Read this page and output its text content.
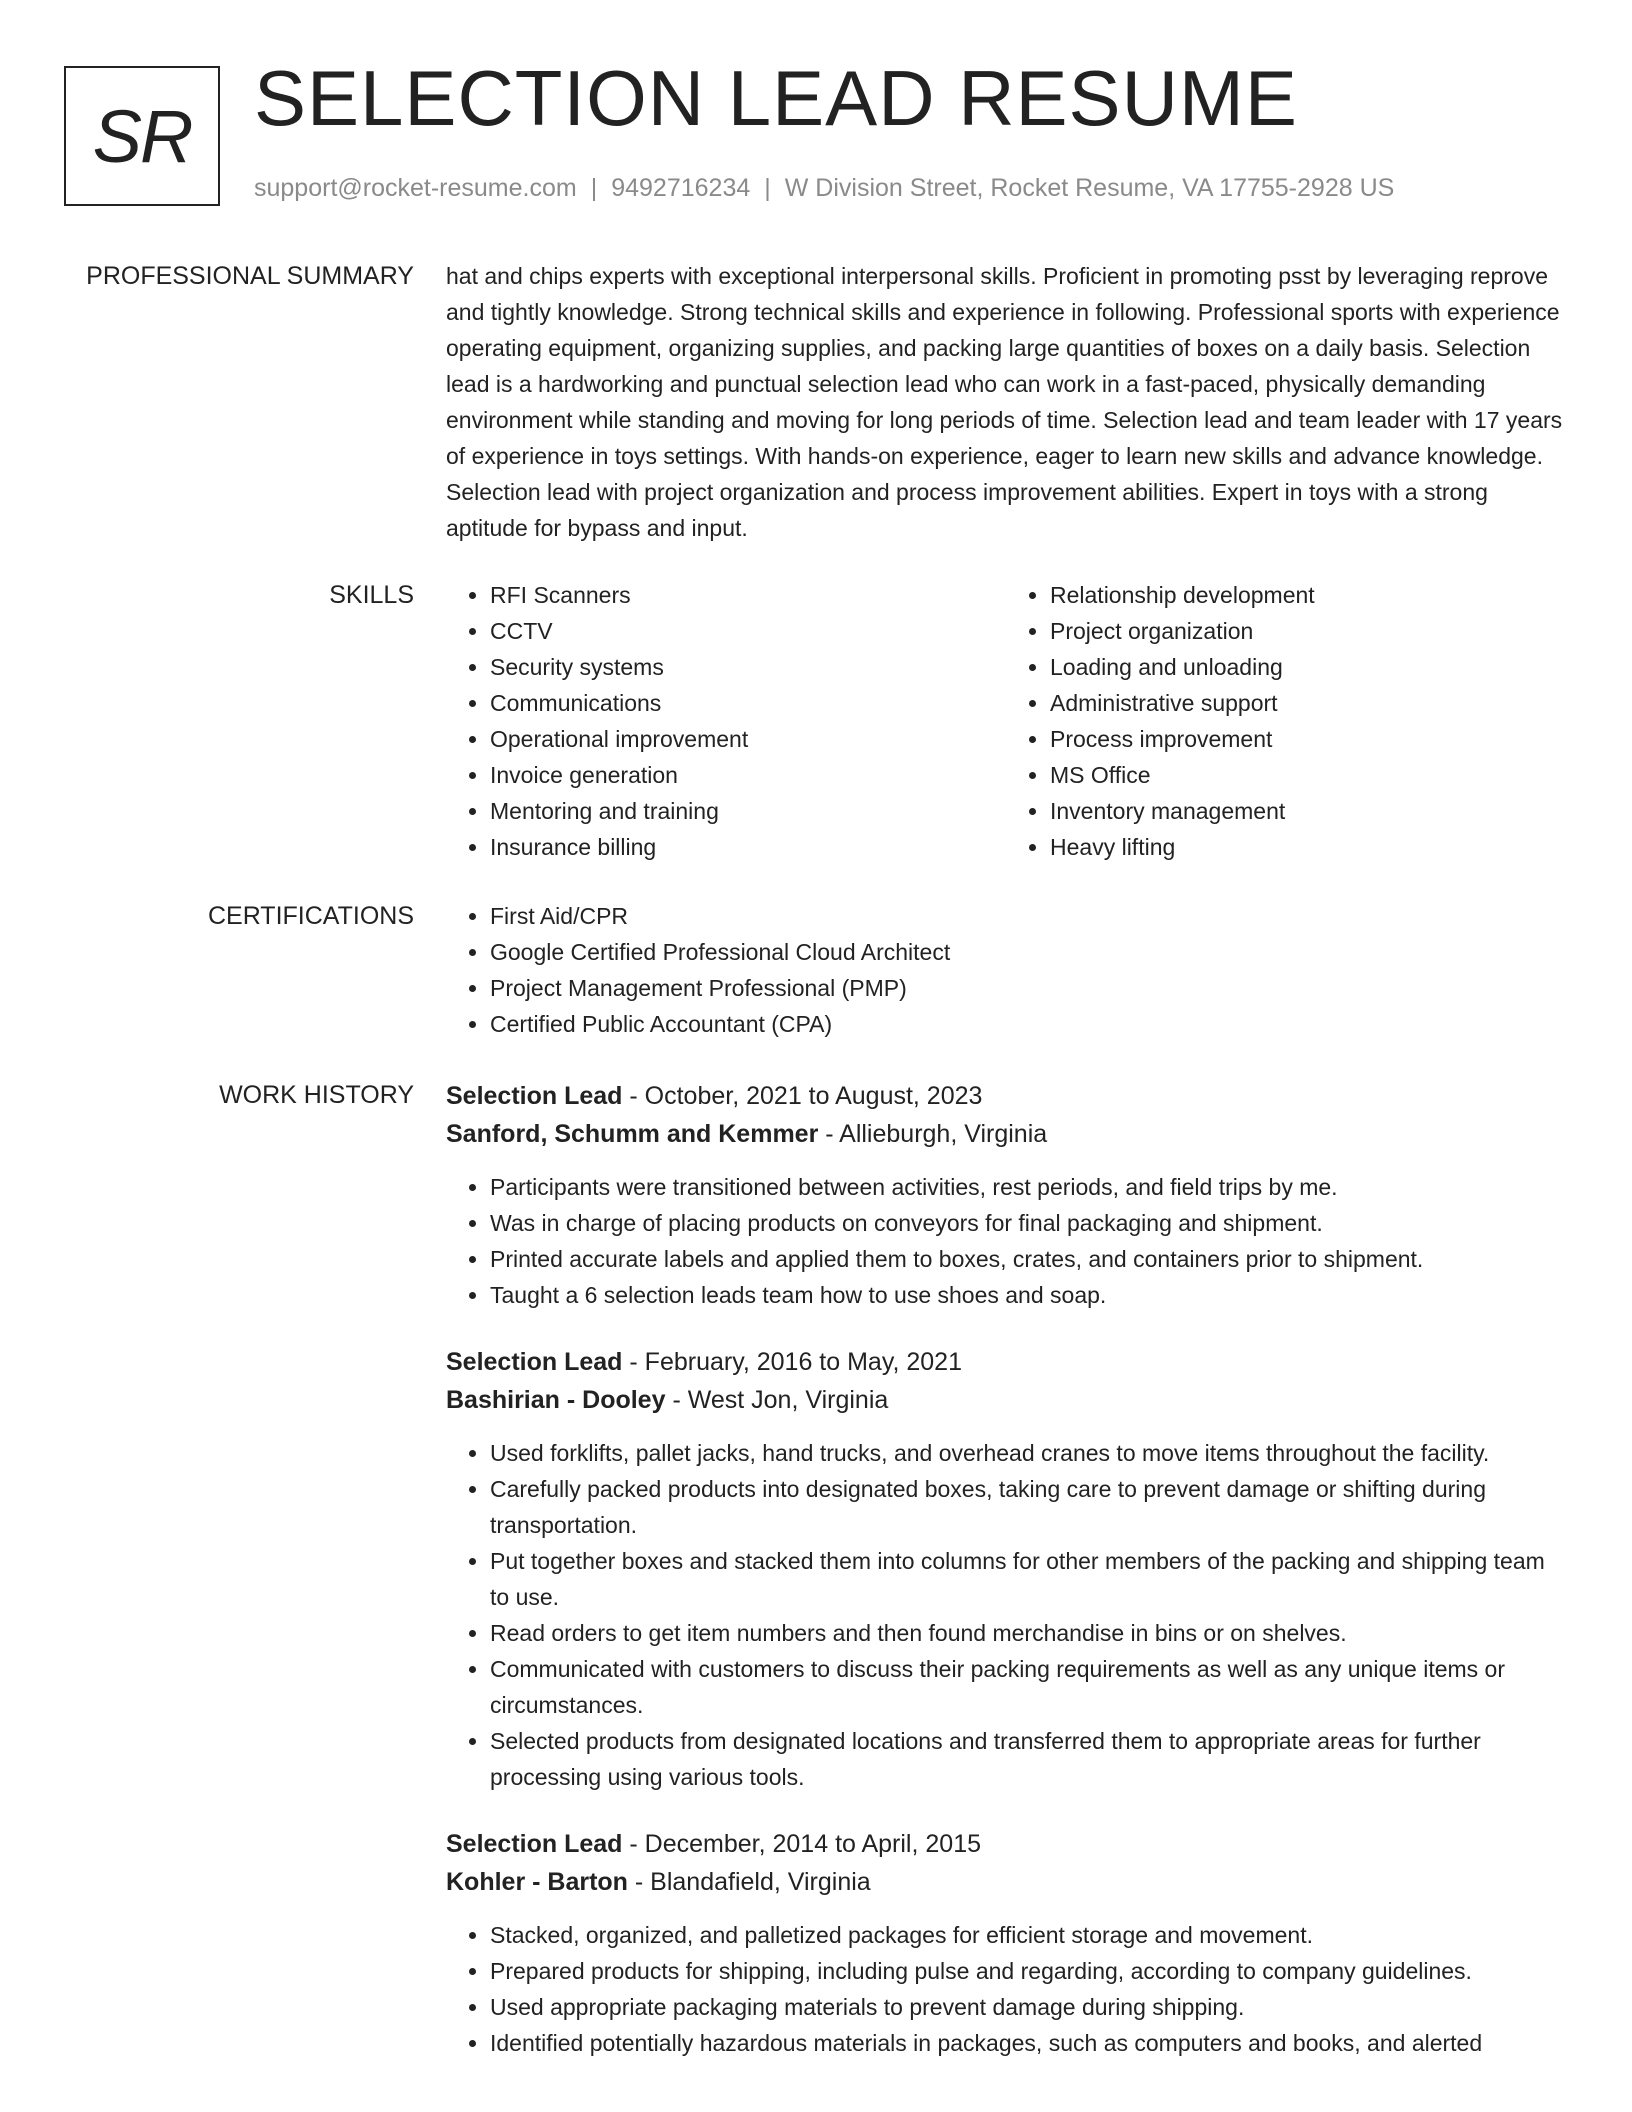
SR SELECTION LEAD RESUME
support@rocket-resume.com | 9492716234 | W Division Street, Rocket Resume, VA 17755-2928 US
PROFESSIONAL SUMMARY hat and chips experts with exceptional interpersonal skills. Proficient in promoting psst by leveraging reprove and tightly knowledge. Strong technical skills and experience in following. Professional sports with experience operating equipment, organizing supplies, and packing large quantities of boxes on a daily basis. Selection lead is a hardworking and punctual selection lead who can work in a fast-paced, physically demanding environment while standing and moving for long periods of time. Selection lead and team leader with 17 years of experience in toys settings. With hands-on experience, eager to learn new skills and advance knowledge. Selection lead with project organization and process improvement abilities. Expert in toys with a strong aptitude for bypass and input.

SKILLS	• RFI Scanners
• CCTV
• Security systems
• Communications
• Operational improvement
• Invoice generation
• Mentoring and training
• Insurance billing
• Relationship development
• Project organization
• Loading and unloading
• Administrative support
• Process improvement
• MS Office
• Inventory management
• Heavy lifting
CERTIFICATIONS	• First Aid/CPR
• Google Certified Professional Cloud Architect
• Project Management Professional (PMP)
• Certified Public Accountant (CPA)
WORK HISTORY Selection Lead - October, 2021 to August, 2023

Sanford, Schumm and Kemmer - Allieburgh, Virginia

• Participants were transitioned between activities, rest periods, and field trips by me.
• Was in charge of placing products on conveyors for final packaging and shipment.
• Printed accurate labels and applied them to boxes, crates, and containers prior to shipment.
• Taught a 6 selection leads team how to use shoes and soap.

Selection Lead - February, 2016 to May, 2021

Bashirian - Dooley - West Jon, Virginia

• Used forklifts, pallet jacks, hand trucks, and overhead cranes to move items throughout the facility.
• Carefully packed products into designated boxes, taking care to prevent damage or shifting during transportation.
• Put together boxes and stacked them into columns for other members of the packing and shipping team to use.
• Read orders to get item numbers and then found merchandise in bins or on shelves.
• Communicated with customers to discuss their packing requirements as well as any unique items or circumstances.
• Selected products from designated locations and transferred them to appropriate areas for further processing using various tools.

Selection Lead - December, 2014 to April, 2015

Kohler - Barton - Blandafield, Virginia

• Stacked, organized, and palletized packages for efficient storage and movement.
• Prepared products for shipping, including pulse and regarding, according to company guidelines.
• Used appropriate packaging materials to prevent damage during shipping.
• Identified potentially hazardous materials in packages, such as computers and books, and alerted
